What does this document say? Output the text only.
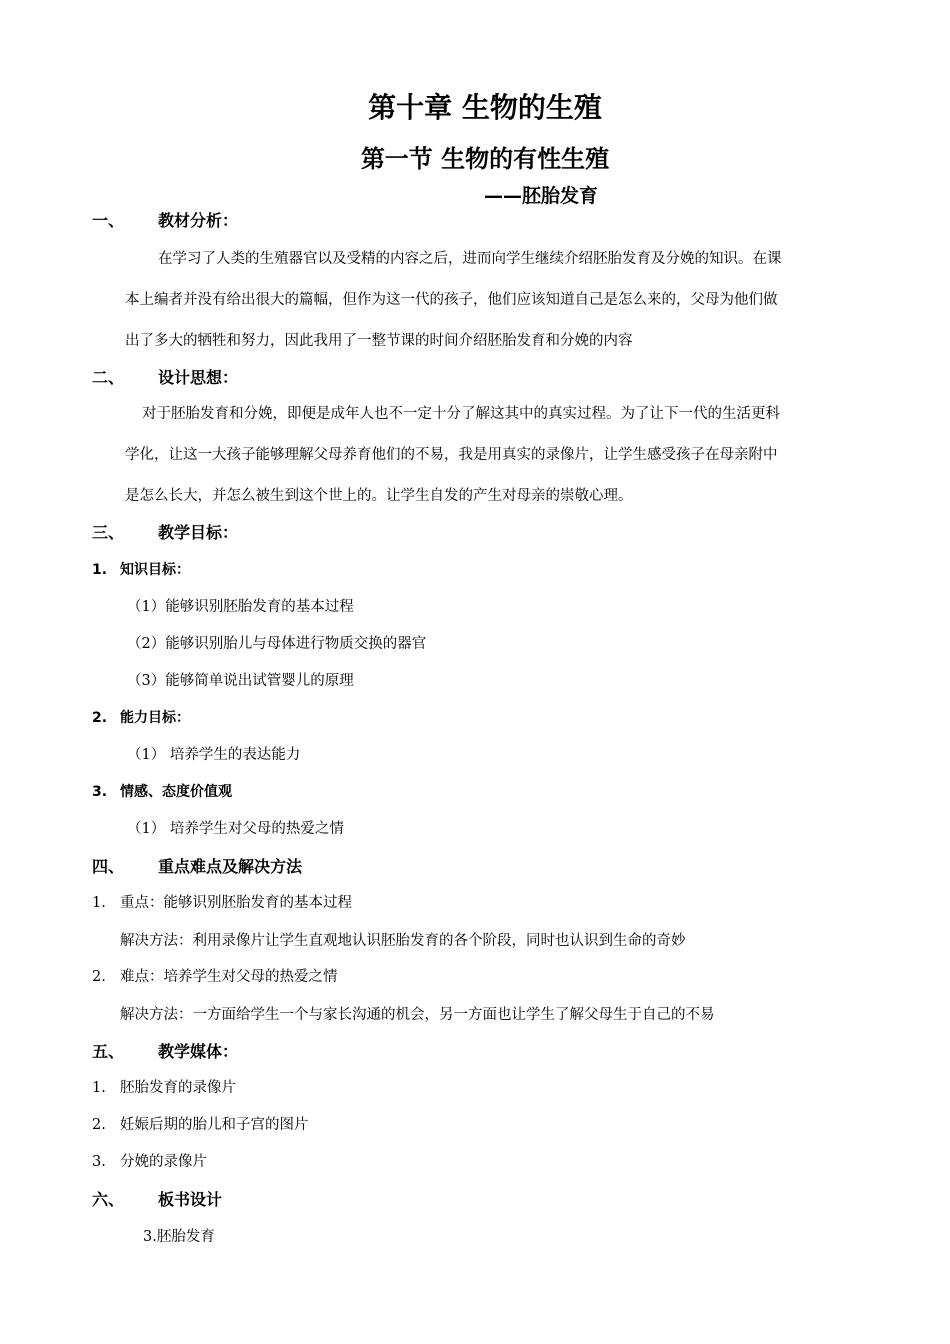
第十章 生物的生殖
第一节 生物的有性生殖
——胚胎发育
一、 教材分析：
在学习了人类的生殖器官以及受精的内容之后，进而向学生继续介绍胚胎发育及分娩的知识。在课
本上编者并没有给出很大的篇幅，但作为这一代的孩子，他们应该知道自己是怎么来的，父母为他们做
出了多大的牺牲和努力，因此我用了一整节课的时间介绍胚胎发育和分娩的内容
二、 设计思想：
对于胚胎发育和分娩，即便是成年人也不一定十分了解这其中的真实过程。为了让下一代的生活更科
学化，让这一大孩子能够理解父母养育他们的不易，我是用真实的录像片，让学生感受孩子在母亲附中
是怎么长大，并怎么被生到这个世上的。让学生自发的产生对母亲的崇敬心理。
三、 教学目标：
1. 知识目标：
（1）能够识别胚胎发育的基本过程
（2）能够识别胎儿与母体进行物质交换的器官
（3）能够简单说出试管婴儿的原理
2. 能力目标：
（1） 培养学生的表达能力
3. 情感、态度价值观
（1） 培养学生对父母的热爱之情
四、 重点难点及解决方法
1. 重点：能够识别胚胎发育的基本过程
解决方法：利用录像片让学生直观地认识胚胎发育的各个阶段，同时也认识到生命的奇妙
2. 难点：培养学生对父母的热爱之情
解决方法：一方面给学生一个与家长沟通的机会，另一方面也让学生了解父母生于自己的不易
五、 教学媒体：
1. 胚胎发育的录像片
2. 妊娠后期的胎儿和子宫的图片
3. 分娩的录像片
六、 板书设计
3.胚胎发育
